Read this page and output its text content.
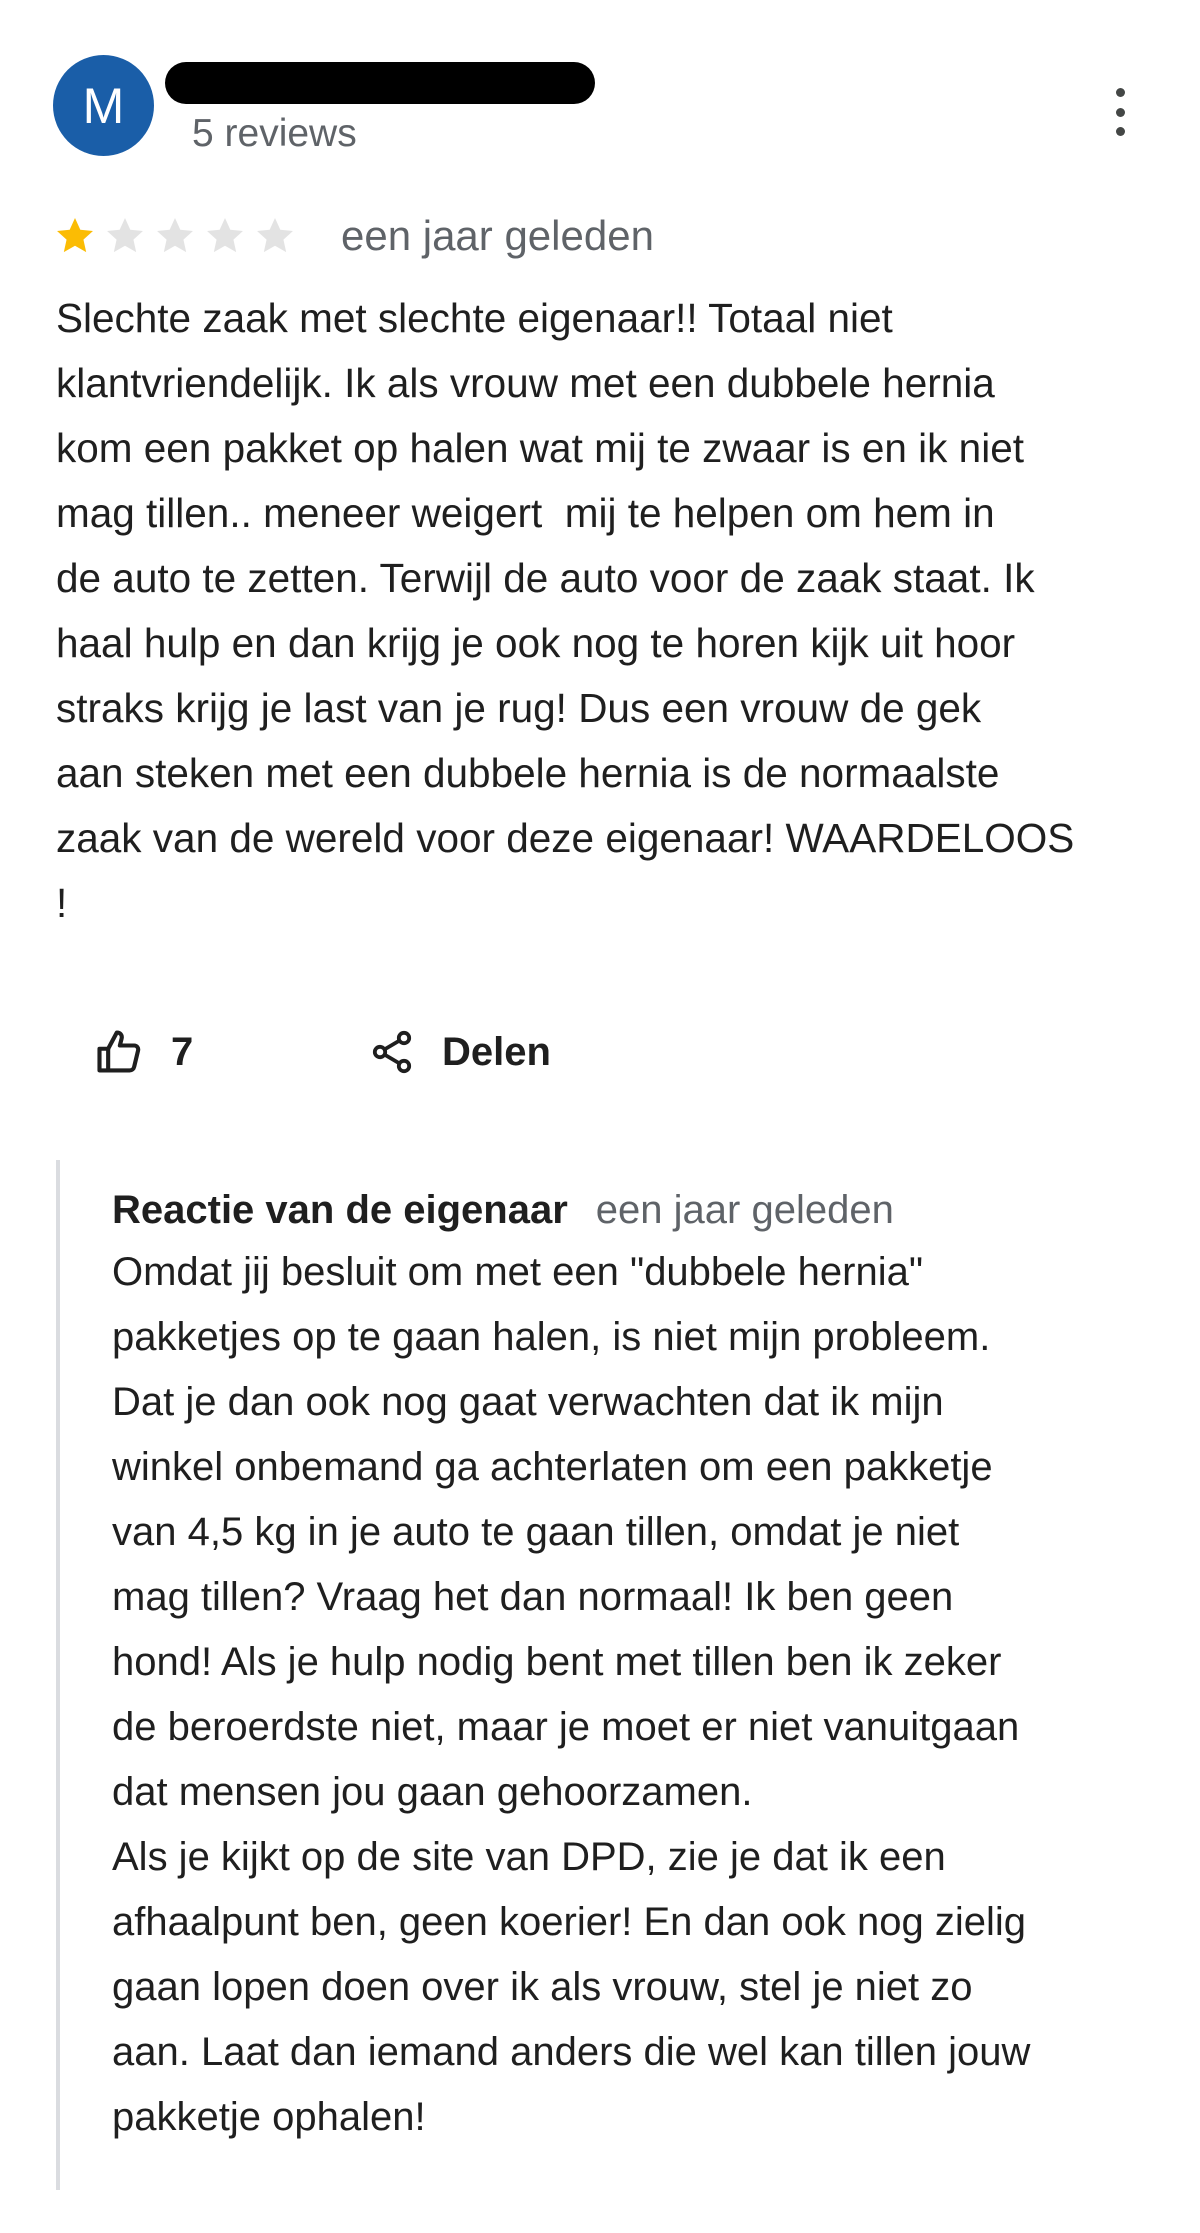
M 5 reviews
een jaar geleden
Slechte zaak met slechte eigenaar!! Totaal niet
klantvriendelijk. Ik als vrouw met een dubbele hernia
kom een pakket op halen wat mij te zwaar is en ik niet
mag tillen.. meneer weigert  mij te helpen om hem in
de auto te zetten. Terwijl de auto voor de zaak staat. Ik
haal hulp en dan krijg je ook nog te horen kijk uit hoor
straks krijg je last van je rug! Dus een vrouw de gek
aan steken met een dubbele hernia is de normaalste
zaak van de wereld voor deze eigenaar! WAARDELOOS
!
7	Delen
Reactie van de eigenaar een jaar geleden
Omdat jij besluit om met een "dubbele hernia"
pakketjes op te gaan halen, is niet mijn probleem.
Dat je dan ook nog gaat verwachten dat ik mijn
winkel onbemand ga achterlaten om een pakketje
van 4,5 kg in je auto te gaan tillen, omdat je niet
mag tillen? Vraag het dan normaal! Ik ben geen
hond! Als je hulp nodig bent met tillen ben ik zeker
de beroerdste niet, maar je moet er niet vanuitgaan
dat mensen jou gaan gehoorzamen.
Als je kijkt op de site van DPD, zie je dat ik een
afhaalpunt ben, geen koerier! En dan ook nog zielig
gaan lopen doen over ik als vrouw, stel je niet zo
aan. Laat dan iemand anders die wel kan tillen jouw
pakketje ophalen!
